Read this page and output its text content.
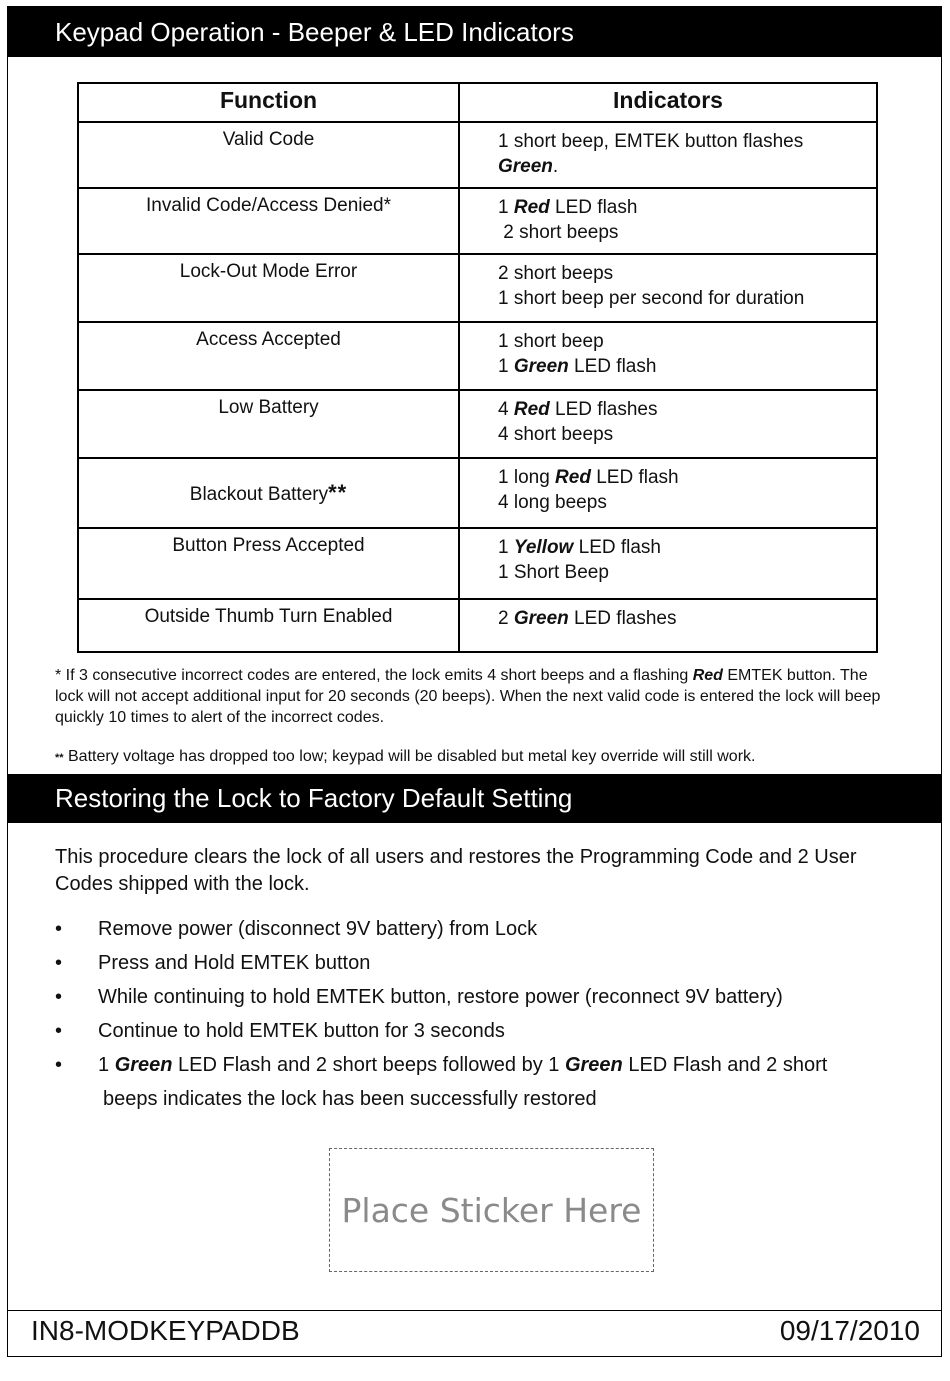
Keypad Operation - Beeper & LED Indicators
Function	Indicators
Valid Code	1 short beep, EMTEK button flashes
Green.

Invalid Code/Access Denied*	1 Red LED flash
2 short beeps

Lock-Out Mode Error	2 short beeps
1 short beep per second for duration

Access Accepted	1 short beep
1 Green LED flash

Low Battery	4 Red LED flashes
4 short beeps

Blackout Battery**	1 long Red LED flash
4 long beeps

Button Press Accepted	1 Yellow LED flash
1 Short Beep

Outside Thumb Turn Enabled	2 Green LED flashes
* If 3 consecutive incorrect codes are entered, the lock emits 4 short beeps and a flashing Red EMTEK button. The lock will not accept additional input for 20 seconds (20 beeps). When the next valid code is entered the lock will beep quickly 10 times to alert of the incorrect codes.
** Battery voltage has dropped too low; keypad will be disabled but metal key override will still work.
Restoring the Lock to Factory Default Setting
This procedure clears the lock of all users and restores the Programming Code and 2 User Codes shipped with the lock.
• Remove power (disconnect 9V battery) from Lock
• Press and Hold EMTEK button
• While continuing to hold EMTEK button, restore power (reconnect 9V battery)
• Continue to hold EMTEK button for 3 seconds
• 1 Green LED Flash and 2 short beeps followed by 1 Green LED Flash and 2 short
beeps indicates the lock has been successfully restored
Place Sticker Here
IN8-MODKEYPADDB	09/17/2010
